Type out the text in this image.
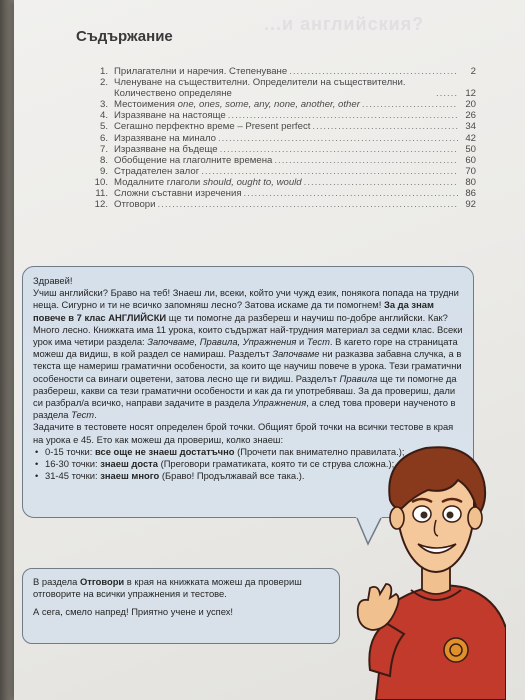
...и английския?
Съдържание
1. Прилагателни и наречия. Степенуване .....	2
2. Членуване на съществителни. Определители на съществителни. Количествено определяне .....	12
3. Местоимения one, ones, some, any, none, another, other .....	20
4. Изразяване на настояще .....	26
5. Сегашно перфектно време – Present perfect .....	34
6. Изразяване на минало .....	42
7. Изразяване на бъдеще .....	50
8. Обобщение на глаголните времена .....	60
9. Страдателен залог .....	70
10. Модалните глаголи should, ought to, would .....	80
11. Сложни съставни изречения .....	86
12. Отговори .....	92

Здравей!

Учиш английски? Браво на теб! Знаеш ли, всеки, който учи чужд език, понякога попада на трудни неща. Сигурно и ти не всичко запомняш лесно? Затова искаме да ти помогнем! За да знам повече в 7 клас АНГЛИЙСКИ ще ти помогне да разбереш и научиш по-добре английски. Как? Много лесно. Книжката има 11 урока, които съдържат най-трудния материал за седми клас. Всеки урок има четири раздела: Започваме, Правила, Упражнения и Тест. В кareто горе на страницата можеш да видиш, в кой раздел се намираш. Разделът Започваме ни разказва забавна случка, а в текста ще намериш граматични особености, за които ще научиш повече в урока. Тези граматични особености са винаги оцветени, затова лесно ще ги видиш. Разделът Правила ще ти помогне да разбереш, какви са тези граматични особености и как да ги употребяваш. За да провериш, дали си разбрал/а всичко, направи задачите в раздела Упражнения, а след това провери наученото в раздела Тест.

Задачите в тестовете носят определен брой точки. Общият брой точки на всички тестове в края на урока е 45. Ето как можеш да провериш, колко знаеш:

• 0-15 точки: все още не знаеш достатъчно (Прочети пак внимателно правилата.);
• 16-30 точки: знаеш доста (Преговори граматиката, която ти се струва сложна.);
• 31-45 точки: знаеш много (Браво! Продължавай все така.).

В раздела Отговори в края на книжката можеш да провериш отговорите на всички упражнения и тестове.

А сега, смело напред! Приятно учене и успех!
